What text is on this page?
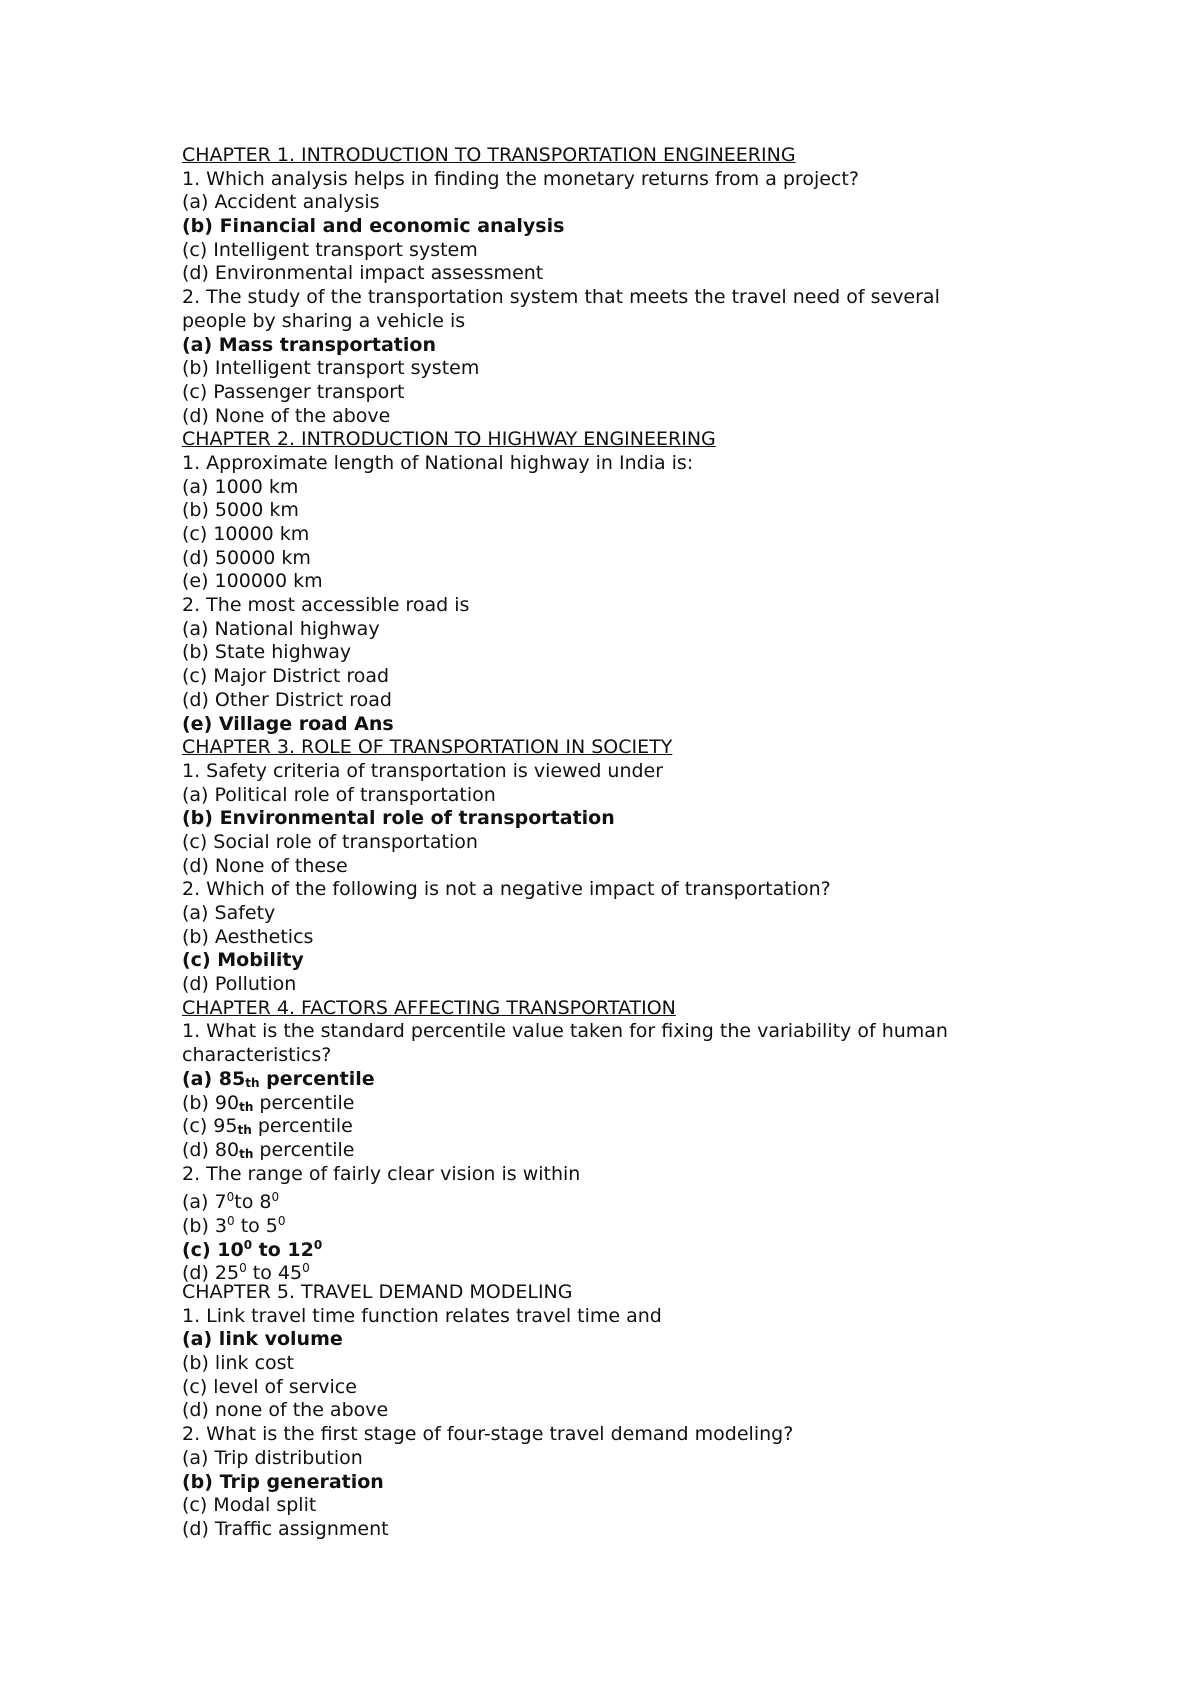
CHAPTER 1. INTRODUCTION TO TRANSPORTATION ENGINEERING
1. Which analysis helps in finding the monetary returns from a project?
(a) Accident analysis
(b) Financial and economic analysis
(c) Intelligent transport system
(d) Environmental impact assessment
2. The study of the transportation system that meets the travel need of several
people by sharing a vehicle is
(a) Mass transportation
(b) Intelligent transport system
(c) Passenger transport
(d) None of the above
CHAPTER 2. INTRODUCTION TO HIGHWAY ENGINEERING
1. Approximate length of National highway in India is:
(a) 1000 km
(b) 5000 km
(c) 10000 km
(d) 50000 km
(e) 100000 km
2. The most accessible road is
(a) National highway
(b) State highway
(c) Major District road
(d) Other District road
(e) Village road Ans
CHAPTER 3. ROLE OF TRANSPORTATION IN SOCIETY
1. Safety criteria of transportation is viewed under
(a) Political role of transportation
(b) Environmental role of transportation
(c) Social role of transportation
(d) None of these
2. Which of the following is not a negative impact of transportation?
(a) Safety
(b) Aesthetics
(c) Mobility
(d) Pollution
CHAPTER 4. FACTORS AFFECTING TRANSPORTATION
1. What is the standard percentile value taken for fixing the variability of human
characteristics?
(a) 85th percentile
(b) 90th percentile
(c) 95th percentile
(d) 80th percentile
2. The range of fairly clear vision is within
(a) $7^0to$ $8^0$
(b) $3^0$ to $5^0$
(c) $10^0$ to $12^0$
(d) $25^0$ to $45^0$
CHAPTER 5. TRAVEL DEMAND MODELING
1. Link travel time function relates travel time and
(a) link volume
(b) link cost
(c) level of service
(d) none of the above
2. What is the first stage of four-stage travel demand modeling?
(a) Trip distribution
(b) Trip generation
(c) Modal split
(d) Traffic assignment
